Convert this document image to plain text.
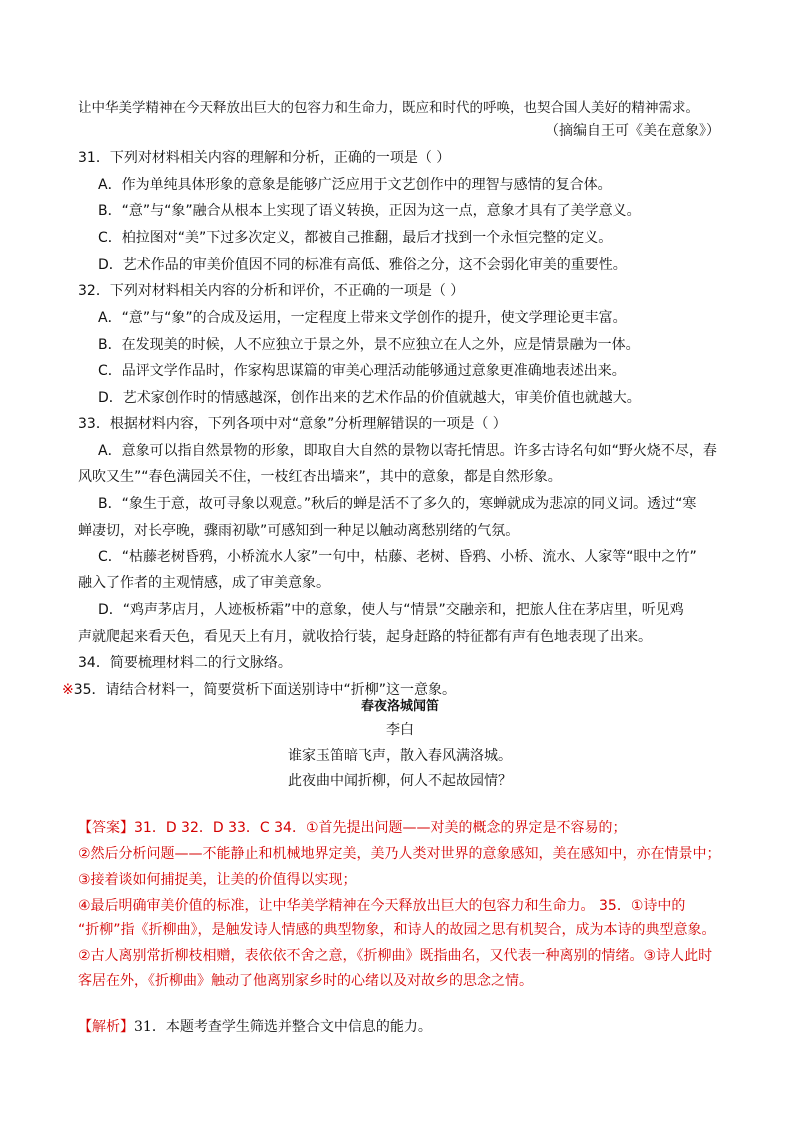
让中华美学精神在今天释放出巨大的包容力和生命力，既应和时代的呼唤，也契合国人美好的精神需求。
（摘编自王可《美在意象》）
31．下列对材料相关内容的理解和分析，正确的一项是（ ）
A．作为单纯具体形象的意象是能够广泛应用于文艺创作中的理智与感情的复合体。
B．“意”与“象”融合从根本上实现了语义转换，正因为这一点，意象才具有了美学意义。
C．柏拉图对“美”下过多次定义，都被自己推翻，最后才找到一个永恒完整的定义。
D．艺术作品的审美价值因不同的标准有高低、雅俗之分，这不会弱化审美的重要性。
32．下列对材料相关内容的分析和评价，不正确的一项是（ ）
A．“意”与“象”的合成及运用，一定程度上带来文学创作的提升，使文学理论更丰富。
B．在发现美的时候，人不应独立于景之外，景不应独立在人之外，应是情景融为一体。
C．品评文学作品时，作家构思谋篇的审美心理活动能够通过意象更准确地表述出来。
D．艺术家创作时的情感越深，创作出来的艺术作品的价值就越大，审美价值也就越大。
33．根据材料内容，下列各项中对“意象”分析理解错误的一项是（ ）
A．意象可以指自然景物的形象，即取自大自然的景物以寄托情思。许多古诗名句如“野火烧不尽，春
风吹又生”“春色满园关不住，一枝红杏出墙来”，其中的意象，都是自然形象。
B．“象生于意，故可寻象以观意。”秋后的蝉是活不了多久的，寒蝉就成为悲凉的同义词。透过“寒
蝉凄切，对长亭晚，骤雨初歇”可感知到一种足以触动离愁别绪的气氛。
C．“枯藤老树昏鸦，小桥流水人家”一句中，枯藤、老树、昏鸦、小桥、流水、人家等“眼中之竹”
融入了作者的主观情感，成了审美意象。
D．“鸡声茅店月，人迹板桥霜”中的意象，使人与“情景”交融亲和，把旅人住在茅店里，听见鸡
声就爬起来看天色，看见天上有月，就收拾行装，起身赶路的特征都有声有色地表现了出来。
34．简要梳理材料二的行文脉络。
※35．请结合材料一，简要赏析下面送别诗中“折柳”这一意象。
春夜洛城闻笛
李白
谁家玉笛暗飞声，散入春风满洛城。
此夜曲中闻折柳，何人不起故园情？
【答案】31．D 32．D 33．C 34．①首先提出问题——对美的概念的界定是不容易的；
②然后分析问题——不能静止和机械地界定美，美乃人类对世界的意象感知，美在感知中，亦在情景中；
③接着谈如何捕捉美，让美的价值得以实现；
④最后明确审美价值的标准，让中华美学精神在今天释放出巨大的包容力和生命力。 35．①诗中的
“折柳”指《折柳曲》，是触发诗人情感的典型物象，和诗人的故园之思有机契合，成为本诗的典型意象。
②古人离别常折柳枝相赠，表依依不舍之意，《折柳曲》既指曲名，又代表一种离别的情绪。③诗人此时
客居在外，《折柳曲》触动了他离别家乡时的心绪以及对故乡的思念之情。
【解析】31．本题考查学生筛选并整合文中信息的能力。
